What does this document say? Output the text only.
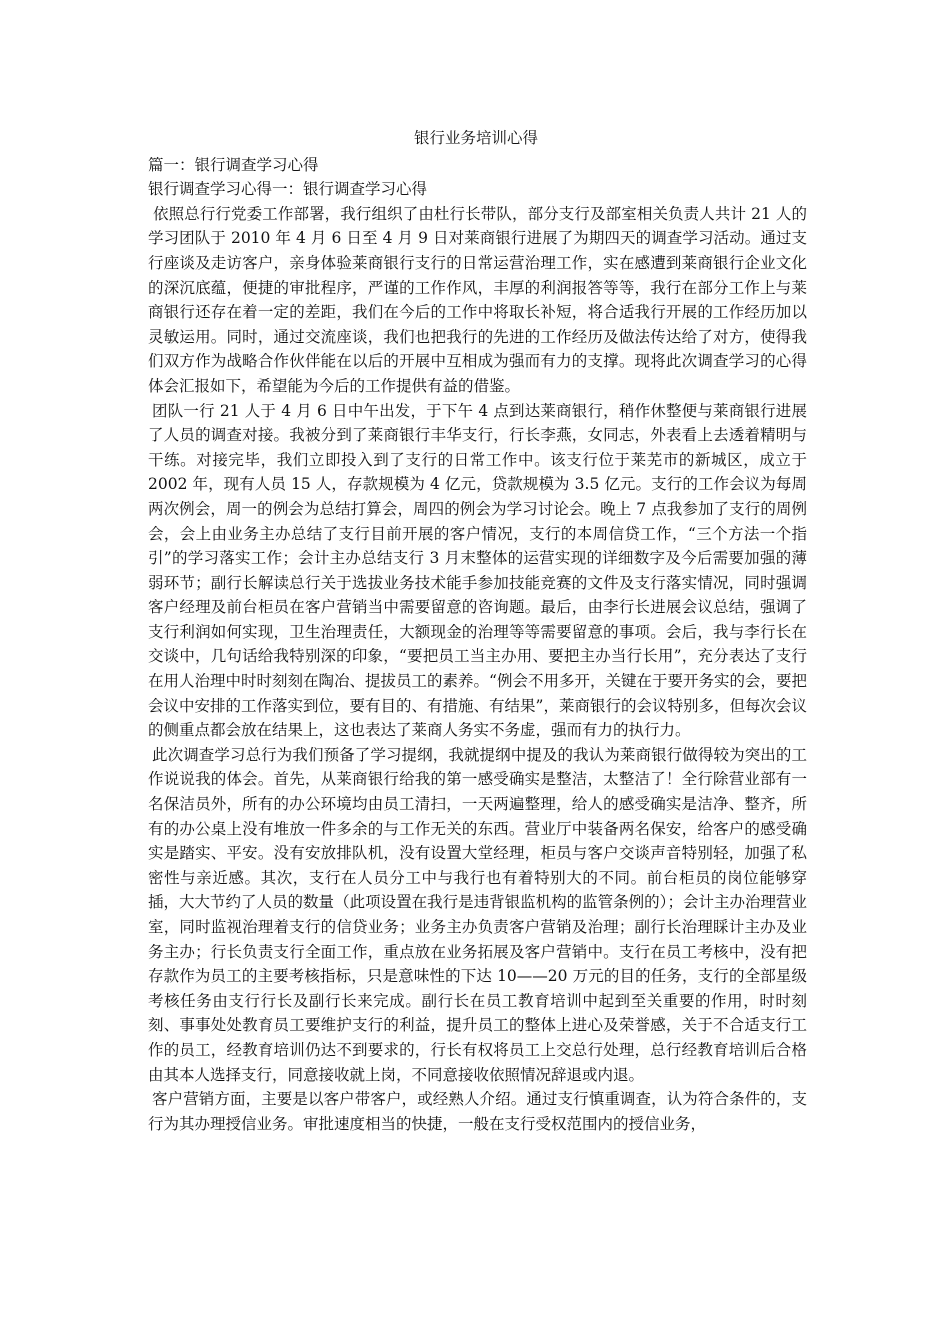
银行业务培训心得
篇一：银行调查学习心得
银行调查学习心得一：银行调查学习心得
依照总行行党委工作部署，我行组织了由杜行长带队，部分支行及部室相关负责人共计 21 人的学习团队于 2010 年 4 月 6 日至 4 月 9 日对莱商银行进展了为期四天的调查学习活动。通过支行座谈及走访客户，亲身体验莱商银行支行的日常运营治理工作，实在感遭到莱商银行企业文化的深沉底蕴，便捷的审批程序，严谨的工作作风，丰厚的利润报答等等，我行在部分工作上与莱商银行还存在着一定的差距，我们在今后的工作中将取长补短，将合适我行开展的工作经历加以灵敏运用。同时，通过交流座谈，我们也把我行的先进的工作经历及做法传达给了对方，使得我们双方作为战略合作伙伴能在以后的开展中互相成为强而有力的支撑。现将此次调查学习的心得体会汇报如下，希望能为今后的工作提供有益的借鉴。
团队一行 21 人于 4 月 6 日中午出发，于下午 4 点到达莱商银行，稍作休整便与莱商银行进展了人员的调查对接。我被分到了莱商银行丰华支行，行长李燕，女同志，外表看上去透着精明与干练。对接完毕，我们立即投入到了支行的日常工作中。该支行位于莱芜市的新城区，成立于 2002 年，现有人员 15 人，存款规模为 4 亿元，贷款规模为 3.5 亿元。支行的工作会议为每周两次例会，周一的例会为总结打算会，周四的例会为学习讨论会。晚上 7 点我参加了支行的周例会，会上由业务主办总结了支行目前开展的客户情况，支行的本周信贷工作，“三个方法一个指引”的学习落实工作；会计主办总结支行 3 月末整体的运营实现的详细数字及今后需要加强的薄弱环节；副行长解读总行关于选拔业务技术能手参加技能竞赛的文件及支行落实情况，同时强调客户经理及前台柜员在客户营销当中需要留意的咨询题。最后，由李行长进展会议总结，强调了支行利润如何实现，卫生治理责任，大额现金的治理等等需要留意的事项。会后，我与李行长在交谈中，几句话给我特别深的印象，“要把员工当主办用、要把主办当行长用”，充分表达了支行在用人治理中时时刻刻在陶冶、提拔员工的素养。“例会不用多开，关键在于要开务实的会，要把会议中安排的工作落实到位，要有目的、有措施、有结果”，莱商银行的会议特别多，但每次会议的侧重点都会放在结果上，这也表达了莱商人务实不务虚，强而有力的执行力。
此次调查学习总行为我们预备了学习提纲，我就提纲中提及的我认为莱商银行做得较为突出的工作说说我的体会。首先，从莱商银行给我的第一感受确实是整洁，太整洁了！全行除营业部有一名保洁员外，所有的办公环境均由员工清扫，一天两遍整理，给人的感受确实是洁净、整齐，所有的办公桌上没有堆放一件多余的与工作无关的东西。营业厅中装备两名保安，给客户的感受确实是踏实、平安。没有安放排队机，没有设置大堂经理，柜员与客户交谈声音特别轻，加强了私密性与亲近感。其次，支行在人员分工中与我行也有着特别大的不同。前台柜员的岗位能够穿插，大大节约了人员的数量（此项设置在我行是违背银监机构的监管条例的）；会计主办治理营业室，同时监视治理着支行的信贷业务；业务主办负责客户营销及治理；副行长治理睬计主办及业务主办；行长负责支行全面工作，重点放在业务拓展及客户营销中。支行在员工考核中，没有把存款作为员工的主要考核指标，只是意味性的下达 10——20 万元的目的任务，支行的全部星级考核任务由支行行长及副行长来完成。副行长在员工教育培训中起到至关重要的作用，时时刻刻、事事处处教育员工要维护支行的利益，提升员工的整体上进心及荣誉感，关于不合适支行工作的员工，经教育培训仍达不到要求的，行长有权将员工上交总行处理，总行经教育培训后合格由其本人选择支行，同意接收就上岗，不同意接收依照情况辞退或内退。
客户营销方面，主要是以客户带客户，或经熟人介绍。通过支行慎重调查，认为符合条件的，支行为其办理授信业务。审批速度相当的快捷，一般在支行受权范围内的授信业务，
